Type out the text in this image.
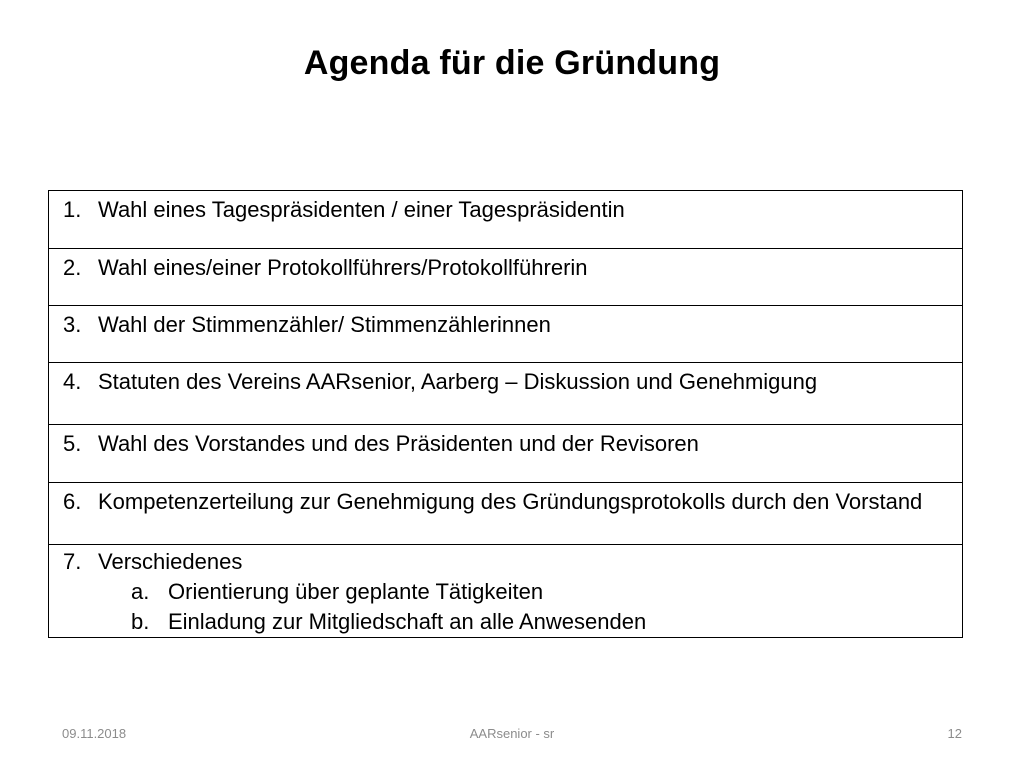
Agenda für die Gründung
1. Wahl eines Tagespräsidenten / einer Tagespräsidentin
2. Wahl eines/einer Protokollführers/Protokollführerin
3. Wahl der Stimmenzähler/ Stimmenzählerinnen
4. Statuten des Vereins AARsenior, Aarberg – Diskussion und Genehmigung
5. Wahl des Vorstandes und des Präsidenten und der Revisoren
6. Kompetenzerteilung zur Genehmigung des Gründungsprotokolls durch den Vorstand
7. Verschiedenes
a. Orientierung über geplante Tätigkeiten
b. Einladung zur Mitgliedschaft an alle Anwesenden
09.11.2018	AARsenior - sr	12
